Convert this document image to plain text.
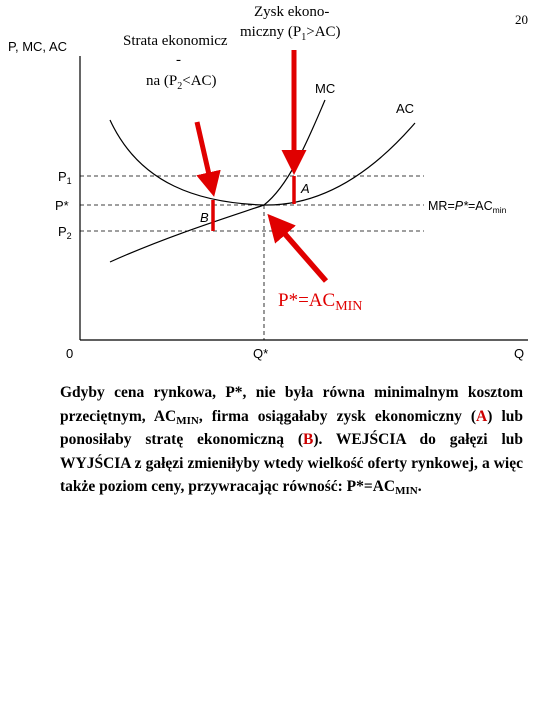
P, MC, AC
Q
0	Q*
$P_1$
P*
$P_2$
MC
AC
$MR=P*=AC_{min}$
A
B
$P*=AC_{MIN}$
Zysk ekono-
Strata ekonomicz
miczny $(P_1>AC)$
-
na $(P_2<AC)$
20

Gdyby cena rynkowa, P*, nie była równa minimalnym kosztom przeciętnym, $AC_{MIN}$, firma osiągałaby zysk ekonomiczny (A) lub ponosiłaby stratę ekonomiczną (B). WEJŚCIA do gałęzi lub WYJŚCIA z gałęzi zmieniłyby wtedy wielkość oferty rynkowej, a więc także poziom ceny, przywracając równość: $P*=AC_{MIN}$.
